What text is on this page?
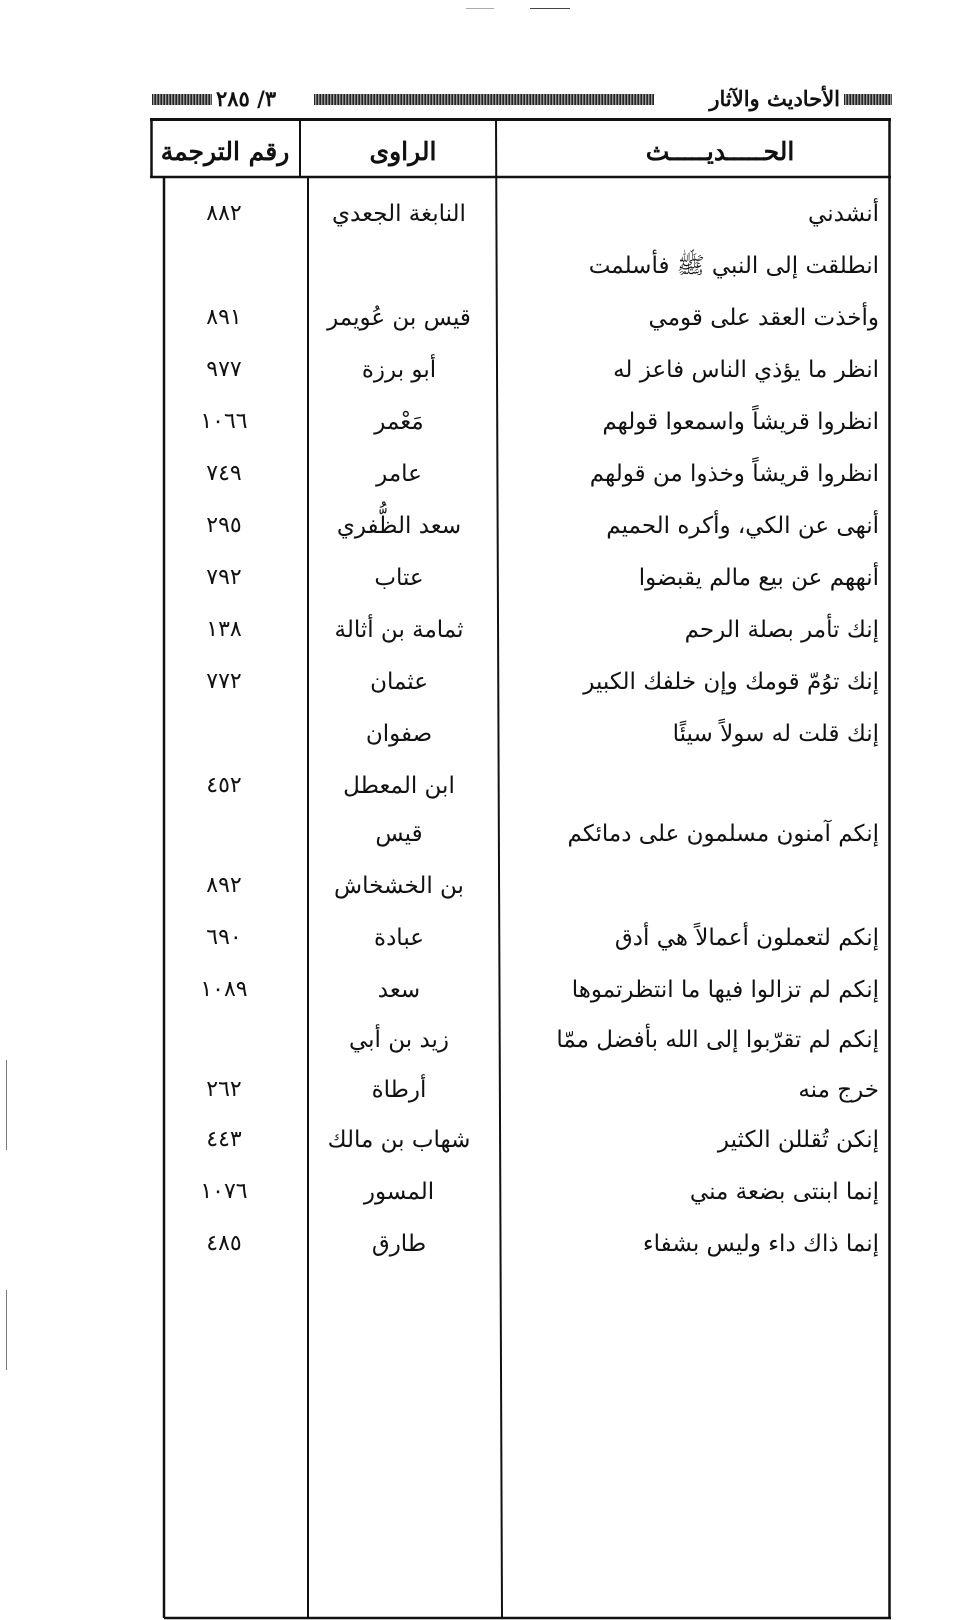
الأحاديث والآثار
٣/ ٢٨٥
الحـــــديـــــث
الراوى
رقم الترجمة
أنشدني
النابغة الجعدي
٨٨٢
انطلقت إلى النبي ﷺ فأسلمت
وأخذت العقد على قومي
قيس بن عُويمر
٨٩١
انظر ما يؤذي الناس فاعز له
أبو برزة
٩٧٧
انظروا قريشاً واسمعوا قولهم
مَعْمر
١٠٦٦
انظروا قريشاً وخذوا من قولهم
عامر
٧٤٩
أنهى عن الكي، وأكره الحميم
سعد الظُّفري
٢٩٥
أنههم عن بيع مالم يقبضوا
عتاب
٧٩٢
إنك تأمر بصلة الرحم
ثمامة بن أثالة
١٣٨
إنك توُمّ قومك وإن خلفك الكبير
عثمان
٧٧٢
إنك قلت له سولاً سيئًا
صفوان
ابن المعطل
٤٥٢
إنكم آمنون مسلمون على دمائكم
قيس
بن الخشخاش
٨٩٢
إنكم لتعملون أعمالاً هي أدق
عبادة
٦٩٠
إنكم لم تزالوا فيها ما انتظرتموها
سعد
١٠٨٩
إنكم لم تقرّبوا إلى الله بأفضل ممّا
زيد بن أبي
خرج منه
أرطاة
٢٦٢
إنكن تُقللن الكثير
شهاب بن مالك
٤٤٣
إنما ابنتى بضعة مني
المسور
١٠٧٦
إنما ذاك داء وليس بشفاء
طارق
٤٨٥
